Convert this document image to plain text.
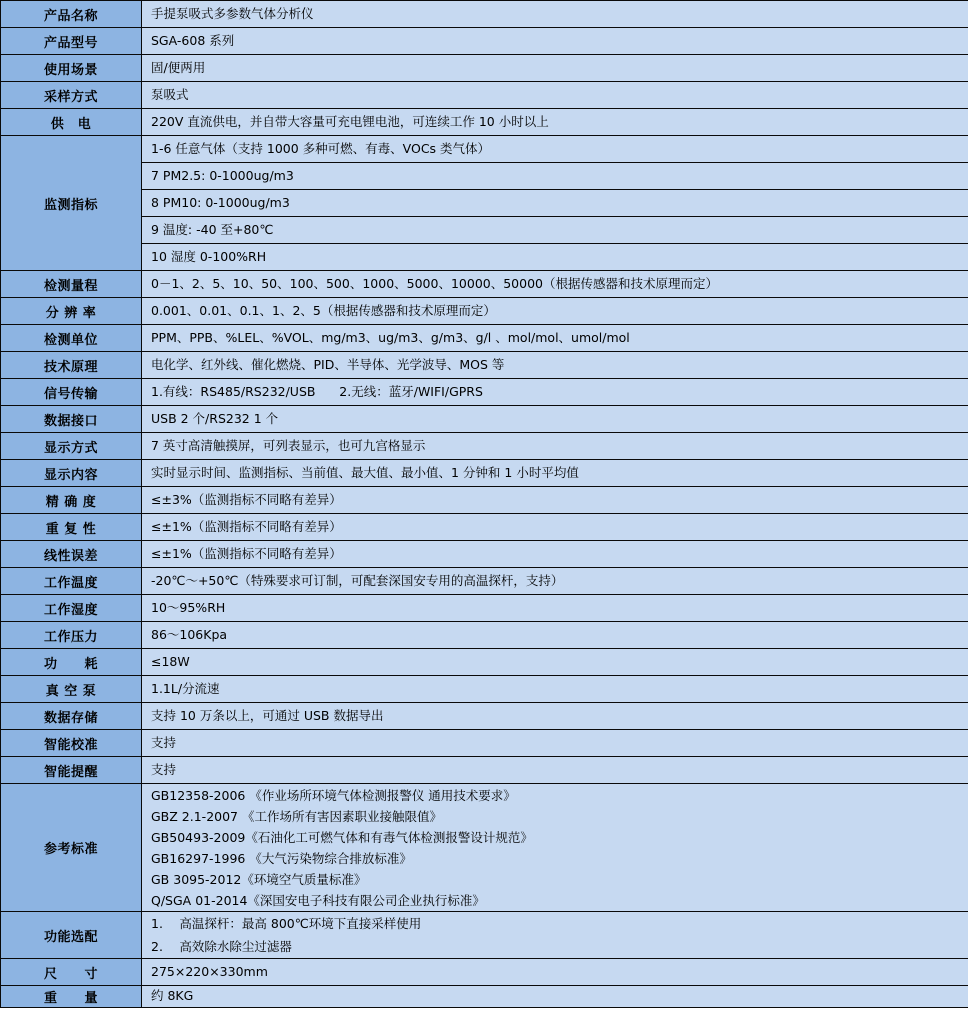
产品名称	手提泵吸式多参数气体分析仪
产品型号	SGA-608 系列
使用场景	固/便两用
采样方式	泵吸式
供　电	220V 直流供电，并自带大容量可充电锂电池，可连续工作 10 小时以上
监测指标	1-6 任意气体（支持 1000 多种可燃、有毒、VOCs 类气体）
	7 PM2.5: 0-1000ug/m3
	8 PM10: 0-1000ug/m3
	9 温度: -40 至+80℃
	10 湿度 0-100%RH
检测量程	0－1、2、5、10、50、100、500、1000、5000、10000、50000（根据传感器和技术原理而定）
分 辨 率	0.001、0.01、0.1、1、2、5（根据传感器和技术原理而定）
检测单位	PPM、PPB、%LEL、%VOL、mg/m3、ug/m3、g/m3、g/l 、mol/mol、umol/mol
技术原理	电化学、红外线、催化燃烧、PID、半导体、光学波导、MOS 等
信号传输	1.有线：RS485/RS232/USB      2.无线：蓝牙/WIFI/GPRS
数据接口	USB 2 个/RS232 1 个
显示方式	7 英寸高清触摸屏，可列表显示，也可九宫格显示
显示内容	实时显示时间、监测指标、当前值、最大值、最小值、1 分钟和 1 小时平均值
精 确 度	≤±3%（监测指标不同略有差异）
重 复 性	≤±1%（监测指标不同略有差异）
线性误差	≤±1%（监测指标不同略有差异）
工作温度	-20℃～+50℃（特殊要求可订制，可配套深国安专用的高温探杆，支持）
工作湿度	10～95%RH
工作压力	86～106Kpa
功　　耗	≤18W
真 空 泵	1.1L/分流速
数据存储	支持 10 万条以上，可通过 USB 数据导出
智能校准	支持
智能提醒	支持
参考标准	
GB12358-2006 《作业场所环境气体检测报警仪 通用技术要求》
GBZ 2.1-2007 《工作场所有害因素职业接触限值》
GB50493-2009《石油化工可燃气体和有毒气体检测报警设计规范》
GB16297-1996 《大气污染物综合排放标准》
GB 3095-2012《环境空气质量标准》
Q/SGA 01-2014《深国安电子科技有限公司企业执行标准》

功能选配	1.　 高温探杆：最高 800℃环境下直接采样使用
2.　 高效除水除尘过滤器

尺　　寸	275×220×330mm
重　　量	约 8KG
